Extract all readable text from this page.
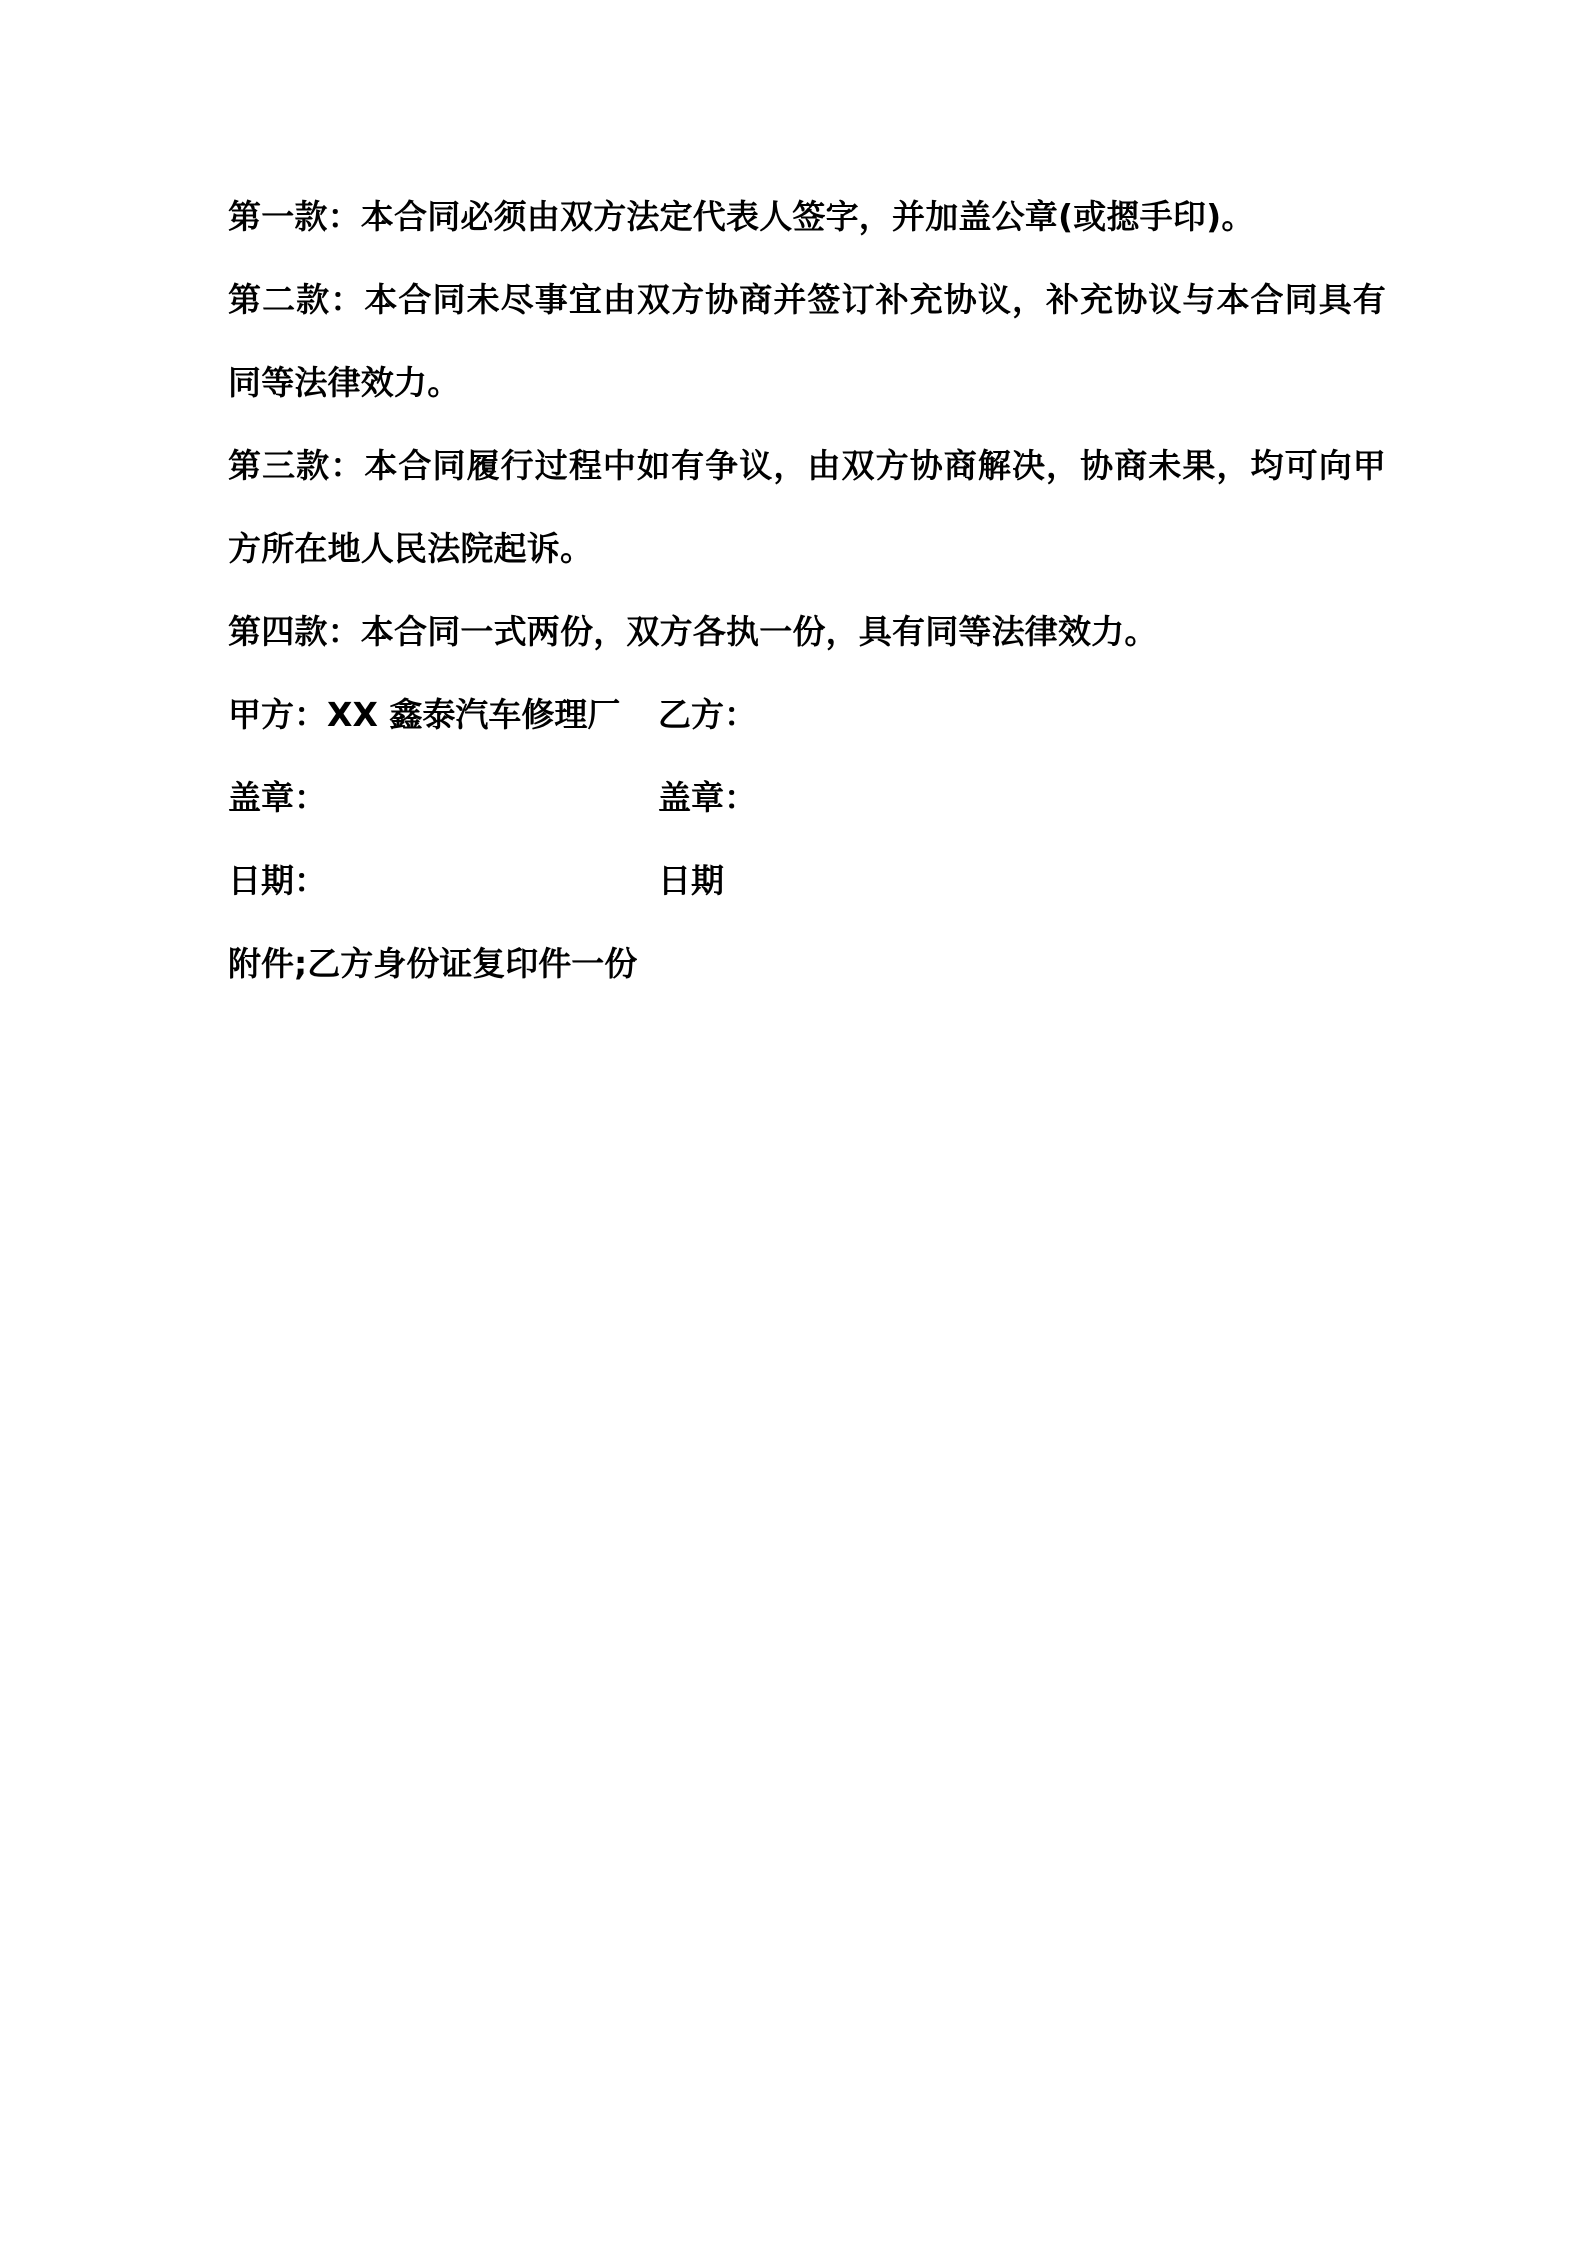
第一款：本合同必须由双方法定代表人签字，并加盖公章(或摁手印)。

第二款：本合同未尽事宜由双方协商并签订补充协议，补充协议与本合同具有同等法律效力。

第三款：本合同履行过程中如有争议，由双方协商解决，协商未果，均可向甲方所在地人民法院起诉。

第四款：本合同一式两份，双方各执一份，具有同等法律效力。

甲方：XX 鑫泰汽车修理厂	乙方：
盖章：	盖章：
日期：	日期

附件;乙方身份证复印件一份
